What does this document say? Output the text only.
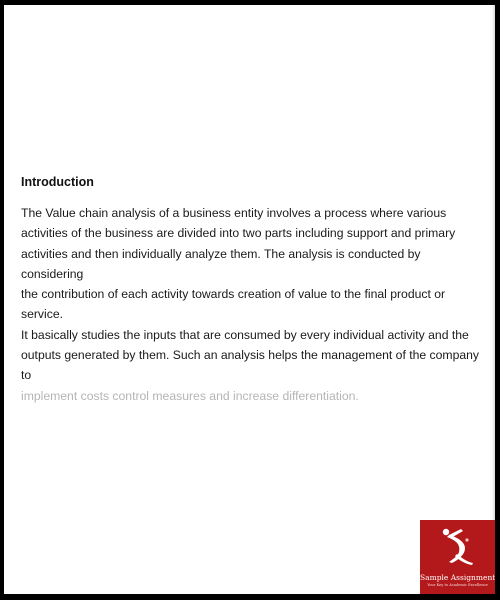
Introduction

The Value chain analysis of a business entity involves a process where various
activities of the business are divided into two parts including support and primary
activities and then individually analyze them. The analysis is conducted by considering
the contribution of each activity towards creation of value to the final product or service.
It basically studies the inputs that are consumed by every individual activity and the
outputs generated by them. Such an analysis helps the management of the company to
implement costs control measures and increase differentiation.

Sample Assignment
Your Key to Academic Excellence
